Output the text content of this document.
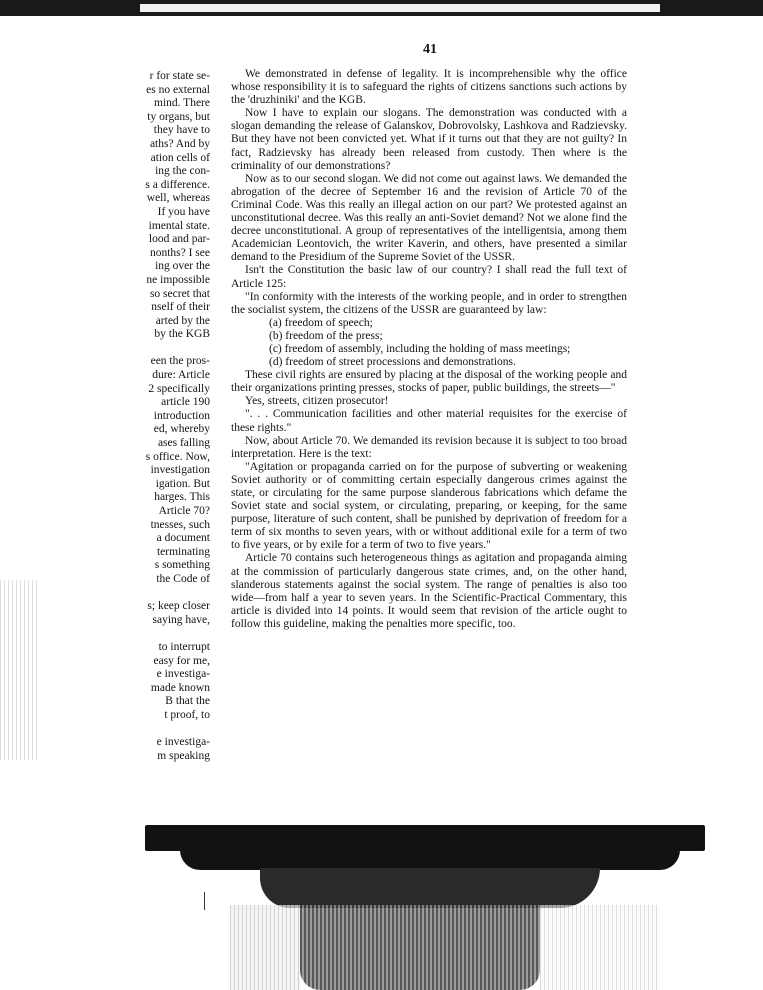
41
r for state se-
es no external
mind. There
ty organs, but
they have to
aths? And by
ation cells of
ing the con-
s a difference.
well, whereas
If you have
imental state.
lood and par-
nonths? I see
ing over the
ne impossible
so secret that
nself of their
arted by the
by the KGB
een the pros-
dure: Article
2 specifically
article 190
introduction
ed, whereby
ases falling
s office. Now,
investigation
igation. But
harges. This
Article 70?
tnesses, such
a document
terminating
s something
the Code of
s; keep closer
saying have,
to interrupt
easy for me,
e investiga-
made known
B that the
t proof, to
e investiga-
m speaking

We demonstrated in defense of legality. It is incomprehensible why the office whose responsibility it is to safeguard the rights of citizens sanctions such actions by the 'druzhiniki' and the KGB.

Now I have to explain our slogans. The demonstration was conducted with a slogan demanding the release of Galanskov, Dobrovolsky, Lashkova and Radzievsky. But they have not been convicted yet. What if it turns out that they are not guilty? In fact, Radzievsky has already been released from custody. Then where is the criminality of our demonstrations?

Now as to our second slogan. We did not come out against laws. We demanded the abrogation of the decree of September 16 and the revision of Article 70 of the Criminal Code. Was this really an illegal action on our part? We protested against an unconstitutional decree. Was this really an anti-Soviet demand? Not we alone find the decree unconstitutional. A group of representatives of the intelligentsia, among them Academician Leontovich, the writer Kaverin, and others, have presented a similar demand to the Presidium of the Supreme Soviet of the USSR.

Isn't the Constitution the basic law of our country? I shall read the full text of Article 125:

"In conformity with the interests of the working people, and in order to strengthen the socialist system, the citizens of the USSR are guaranteed by law:

(a) freedom of speech;

(b) freedom of the press;

(c) freedom of assembly, including the holding of mass meetings;

(d) freedom of street processions and demonstrations.

These civil rights are ensured by placing at the disposal of the working people and their organizations printing presses, stocks of paper, public buildings, the streets—"

Yes, streets, citizen prosecutor!

". . . Communication facilities and other material requisites for the exercise of these rights."

Now, about Article 70. We demanded its revision because it is subject to too broad interpretation. Here is the text:

"Agitation or propaganda carried on for the purpose of subverting or weakening Soviet authority or of committing certain especially dangerous crimes against the state, or circulating for the same purpose slanderous fabrications which defame the Soviet state and social system, or circulating, preparing, or keeping, for the same purpose, literature of such content, shall be punished by deprivation of freedom for a term of six months to seven years, with or without additional exile for a term of two to five years, or by exile for a term of two to five years."

Article 70 contains such heterogeneous things as agitation and propaganda aiming at the commission of particularly dangerous state crimes, and, on the other hand, slanderous statements against the social system. The range of penalties is also too wide—from half a year to seven years. In the Scientific-Practical Commentary, this article is divided into 14 points. It would seem that revision of the article ought to follow this guideline, making the penalties more specific, too.
